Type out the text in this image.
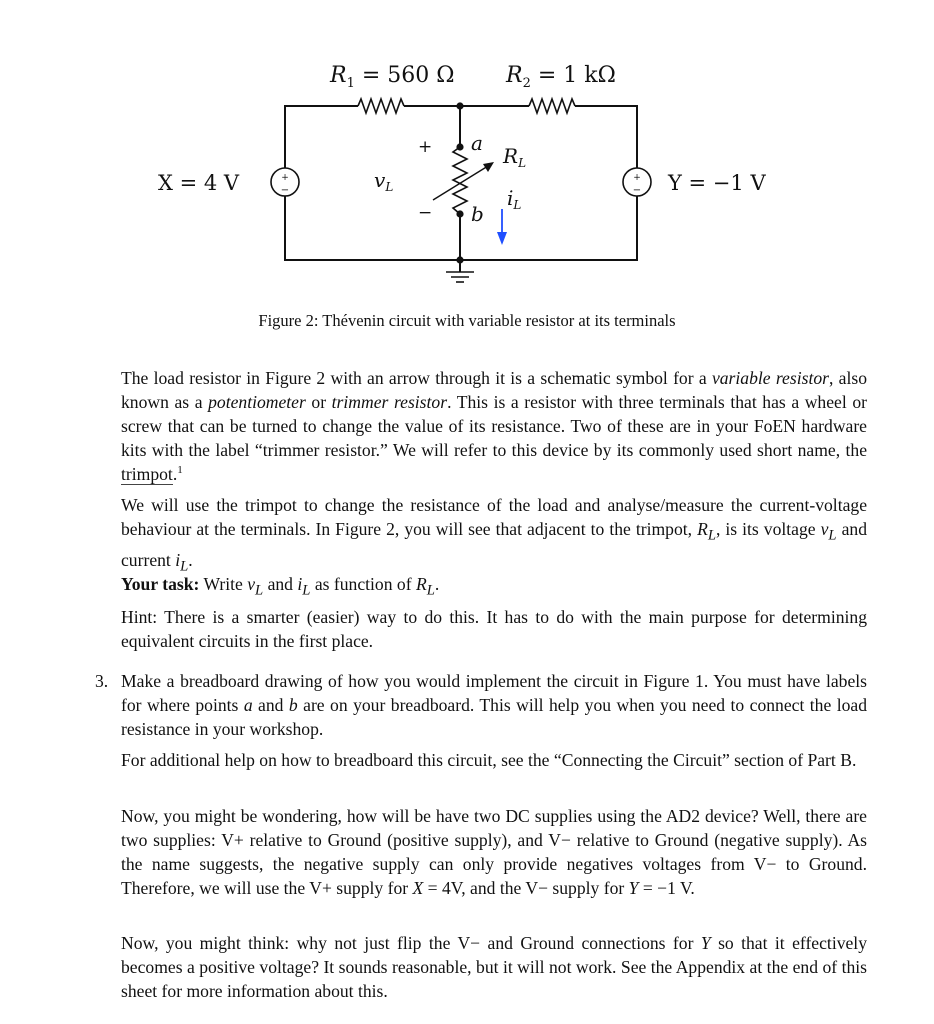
+
−
+
−
$R_1 = 560$ Ω $R_2 = 1$ kΩ
X = 4 V	Y = −1 V
+
−
$v_L$
a
b
$R_L$
$i_L$
Figure 2: Thévenin circuit with variable resistor at its terminals

The load resistor in Figure 2 with an arrow through it is a schematic symbol for a variable resistor, also known as a potentiometer or trimmer resistor. This is a resistor with three terminals that has a wheel or screw that can be turned to change the value of its resistance. Two of these are in your FoEN hardware kits with the label “trimmer resistor.” We will refer to this device by its commonly used short name, the trimpot.$^1$

We will use the trimpot to change the resistance of the load and analyse/measure the current-voltage behaviour at the terminals. In Figure 2, you will see that adjacent to the trimpot, $R_L$, is its voltage $v_L$ and current $i_L$.

Your task: Write $v_L$ and $i_L$ as function of $R_L$.

Hint: There is a smarter (easier) way to do this. It has to do with the main purpose for determining equivalent circuits in the first place.

3. Make a breadboard drawing of how you would implement the circuit in Figure 1. You must have labels for where points a and b are on your breadboard. This will help you when you need to connect the load resistance in your workshop.

For additional help on how to breadboard this circuit, see the “Connecting the Circuit” section of Part B.

Now, you might be wondering, how will be have two DC supplies using the AD2 device? Well, there are two supplies: V+ relative to Ground (positive supply), and V− relative to Ground (negative supply). As the name suggests, the negative supply can only provide negatives voltages from V− to Ground. Therefore, we will use the V+ supply for X = 4V, and the V− supply for Y = −1 V.

Now, you might think: why not just flip the V− and Ground connections for Y so that it effectively becomes a positive voltage? It sounds reasonable, but it will not work. See the Appendix at the end of this sheet for more information about this.
